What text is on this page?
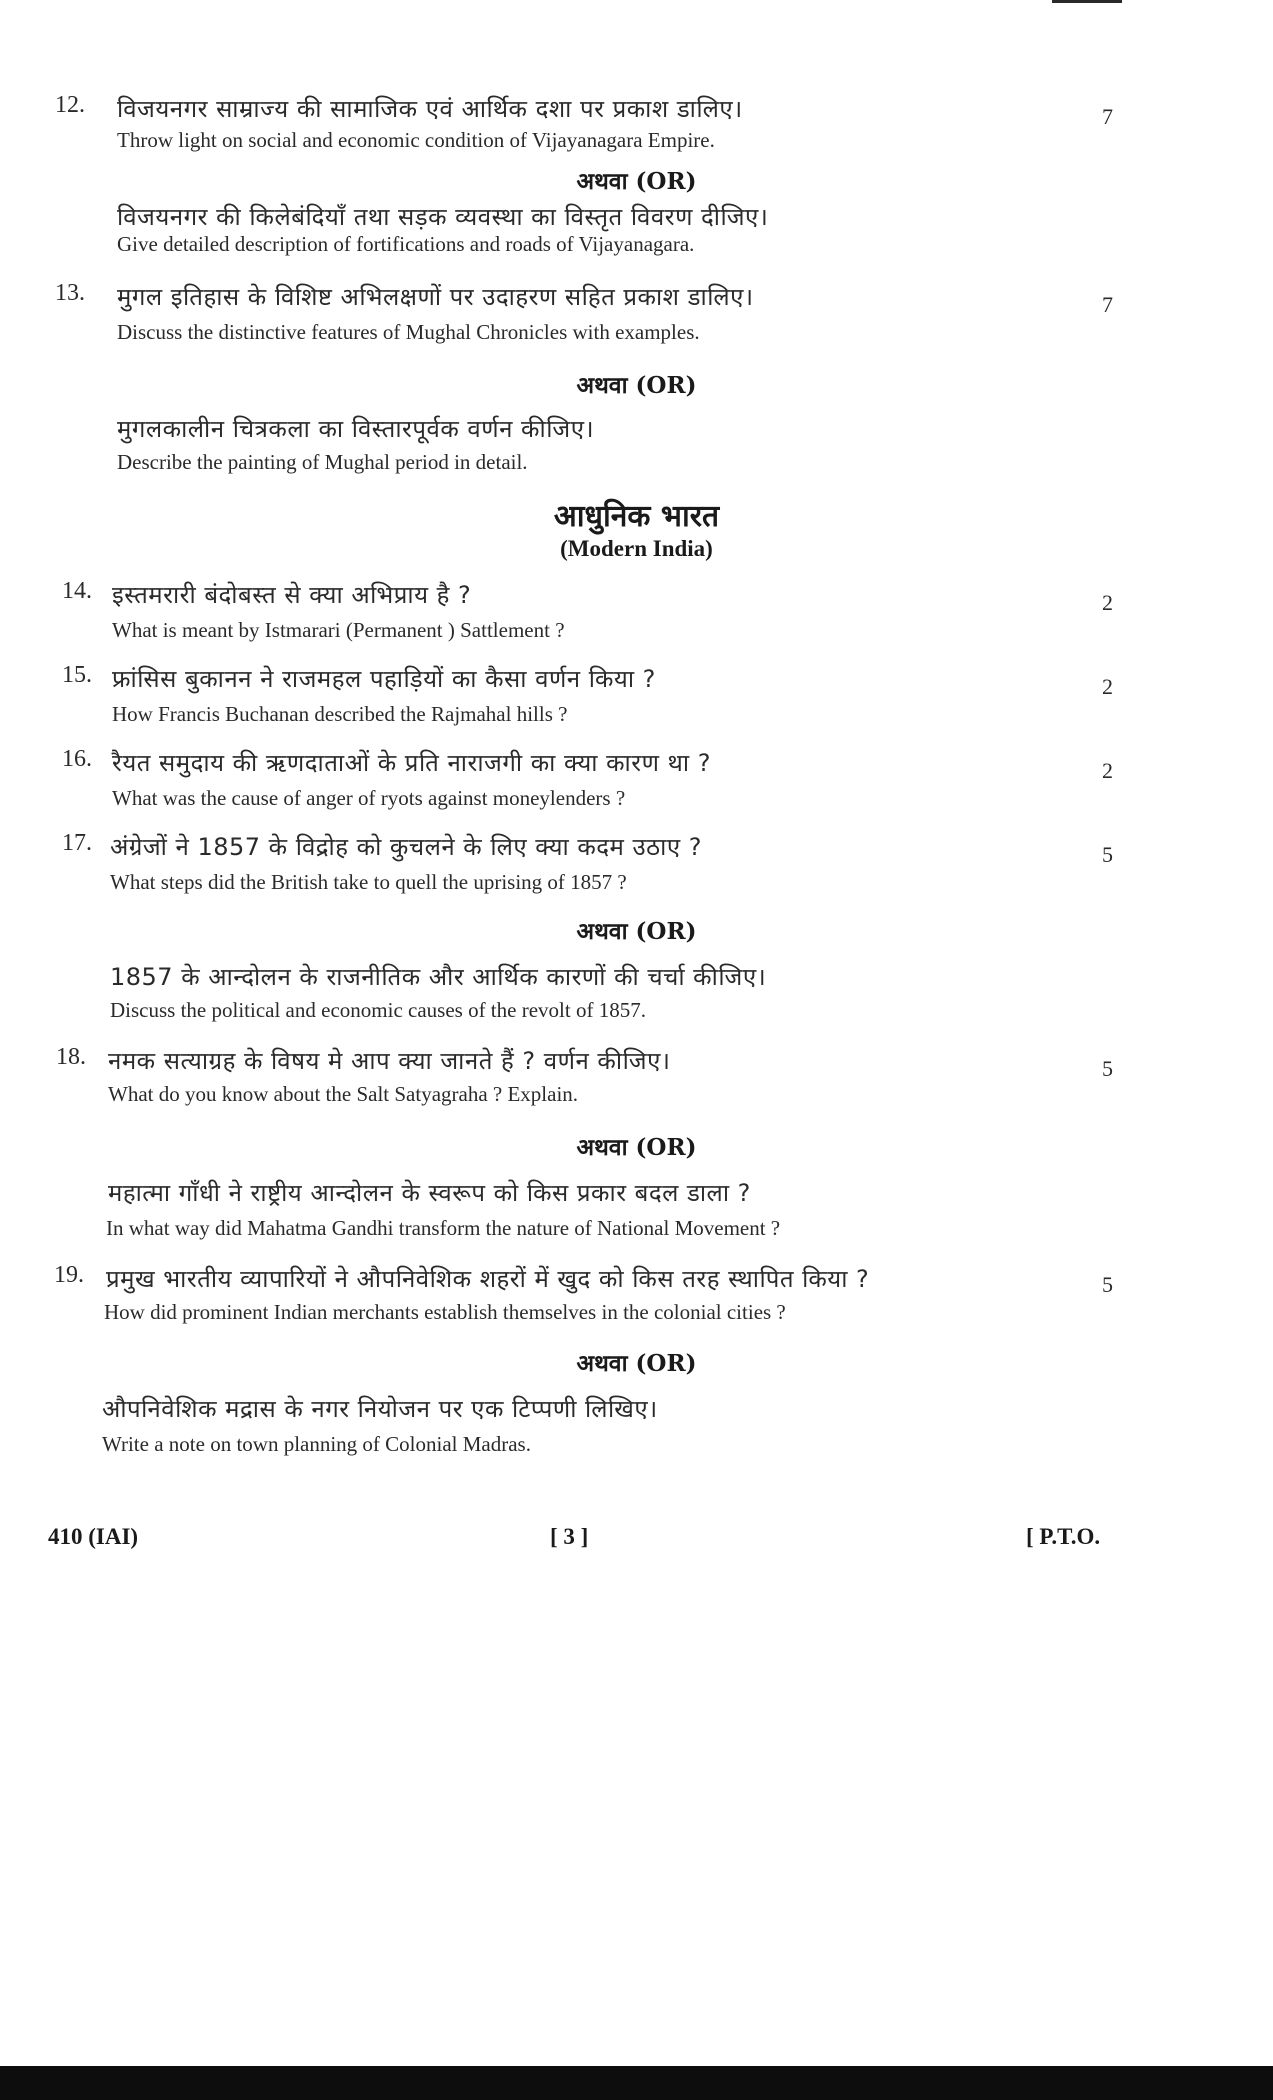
12. विजयनगर साम्राज्य की सामाजिक एवं आर्थिक दशा पर प्रकाश डालिए।
Throw light on social and economic condition of Vijayanagara Empire.
7
अथवा (OR)
विजयनगर की किलेबंदियाँ तथा सड़क व्यवस्था का विस्तृत विवरण दीजिए।
Give detailed description of fortifications and roads of Vijayanagara.
13. मुगल इतिहास के विशिष्ट अभिलक्षणों पर उदाहरण सहित प्रकाश डालिए।
Discuss the distinctive features of Mughal Chronicles with examples.
7
अथवा (OR)
मुगलकालीन चित्रकला का विस्तारपूर्वक वर्णन कीजिए।
Describe the painting of Mughal period in detail.
आधुनिक भारत
(Modern India)
14. इस्तमरारी बंदोबस्त से क्या अभिप्राय है ?
What is meant by Istmarari (Permanent ) Sattlement ?
2
15. फ्रांसिस बुकानन ने राजमहल पहाड़ियों का कैसा वर्णन किया ?
How Francis Buchanan described the Rajmahal hills ?
2
16. रैयत समुदाय की ऋणदाताओं के प्रति नाराजगी का क्या कारण था ?
What was the cause of anger of ryots against moneylenders ?
2
17. अंग्रेजों ने 1857 के विद्रोह को कुचलने के लिए क्या कदम उठाए ?
What steps did the British take to quell the uprising of 1857 ?
5
अथवा (OR)
1857 के आन्दोलन के राजनीतिक और आर्थिक कारणों की चर्चा कीजिए।
Discuss the political and economic causes of the revolt of 1857.
18. नमक सत्याग्रह के विषय मे आप क्या जानते हैं ? वर्णन कीजिए।
What do you know about the Salt Satyagraha ? Explain.
5
अथवा (OR)
महात्मा गाँधी ने राष्ट्रीय आन्दोलन के स्वरूप को किस प्रकार बदल डाला ?
In what way did Mahatma Gandhi transform the nature of National Movement ?
19. प्रमुख भारतीय व्यापारियों ने औपनिवेशिक शहरों में खुद को किस तरह स्थापित किया ?
How did prominent Indian merchants establish themselves in the colonial cities ?
5
अथवा (OR)
औपनिवेशिक मद्रास के नगर नियोजन पर एक टिप्पणी लिखिए।
Write a note on town planning of Colonial Madras.
410 (IAI)	[ 3 ]	[ P.T.O.
